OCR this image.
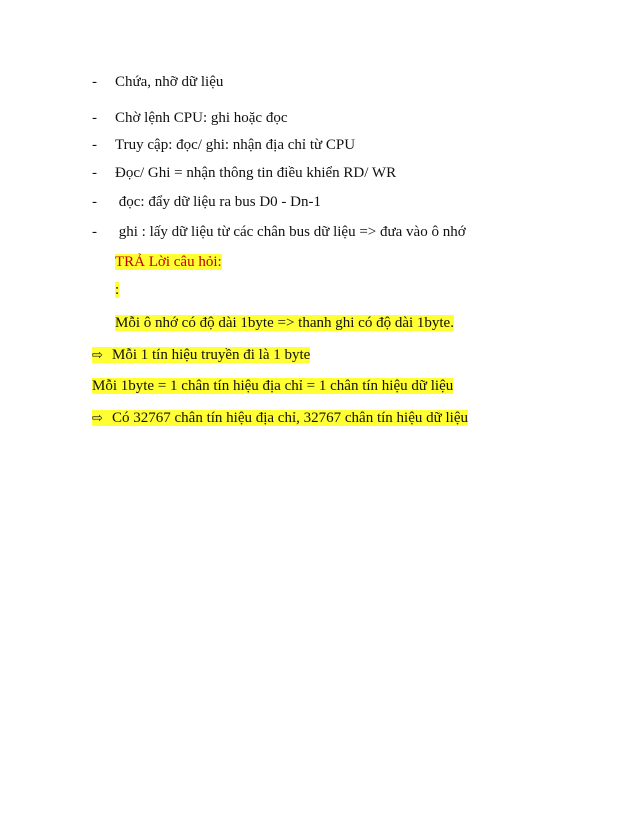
- Chứa, nhỡ dữ liệu
- Chờ lệnh CPU: ghi hoặc đọc
- Truy cập: đọc/ ghi: nhận địa chỉ từ CPU
- Đọc/ Ghi = nhận thông tin điều khiển RD/ WR
- đọc: đẩy dữ liệu ra bus D0 - Dn-1
- ghi : lấy dữ liệu từ các chân bus dữ liệu => đưa vào ô nhớ
TRẢ Lời câu hỏi:
:
Mỗi ô nhớ có độ dài 1byte => thanh ghi có độ dài 1byte.
⇨ Mỗi 1 tín hiệu truyền đi là 1 byte
Mỗi 1byte = 1 chân tín hiệu địa chỉ = 1 chân tín hiệu dữ liệu
⇨ Có 32767 chân tín hiệu địa chỉ, 32767 chân tín hiệu dữ liệu
